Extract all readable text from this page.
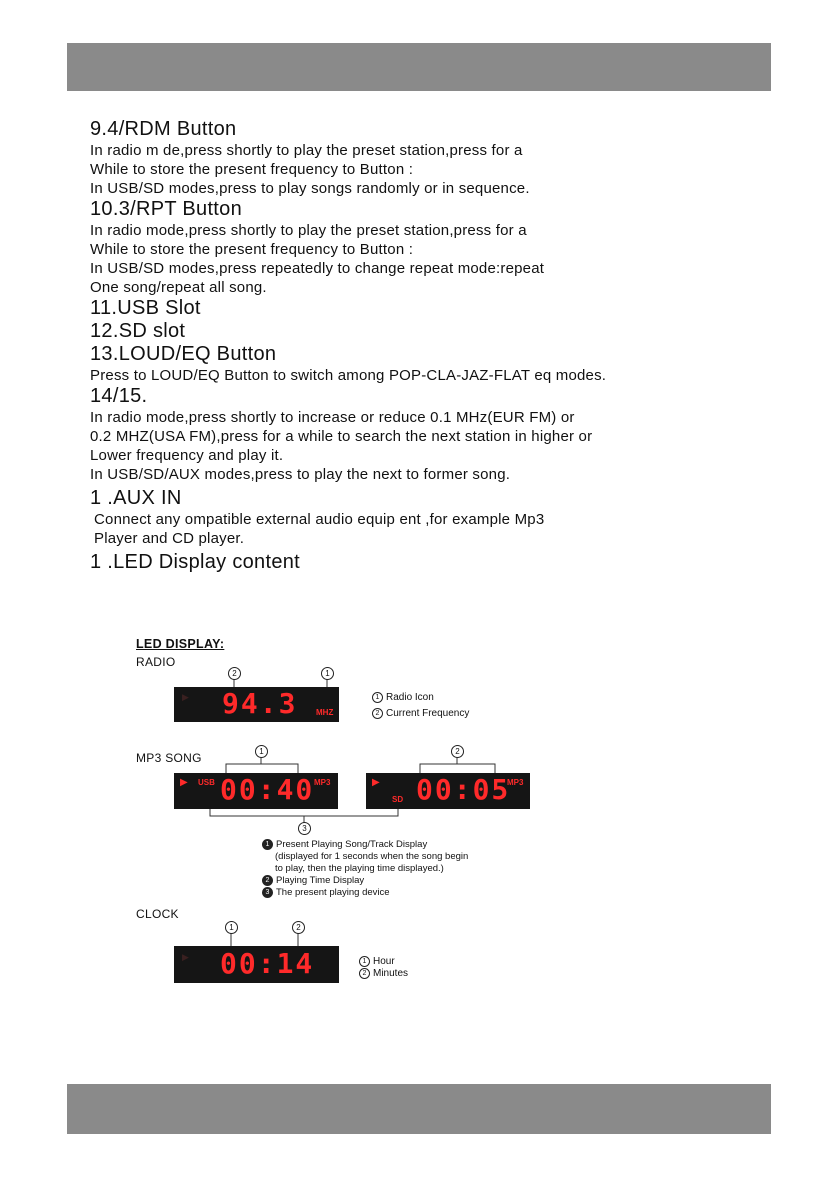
9.4/RDM Button

In radio m de,press shortly to play the preset station,press for a

While to store the present frequency to Button :

In USB/SD modes,press to play songs randomly or in sequence.

10.3/RPT Button

In radio mode,press shortly to play the preset station,press for a

While to store the present frequency to Button :

In USB/SD modes,press repeatedly to change repeat mode:repeat

One song/repeat all song.

11.USB Slot

12.SD slot

13.LOUD/EQ Button

Press to LOUD/EQ Button to switch among POP-CLA-JAZ-FLAT eq modes.

14/15.

In radio mode,press shortly to increase or reduce 0.1 MHz(EUR FM) or

0.2 MHZ(USA FM),press for a while to search the next station in higher or

Lower frequency and play it.

In USB/SD/AUX modes,press to play the next to former song.

1 .AUX IN

Connect any ompatible external audio equip ent ,for example Mp3

Player and CD player.

1 .LED Display content

LED DISPLAY:
RADIO
2	1
▶ 94.3 MHZ
1 Radio Icon
2 Current Frequency
MP3 SONG	1	2
▶ USB 00:40 MP3	▶
SD 00:05
MP3
3
1 Present Playing Song/Track Display
(displayed for 1 seconds when the song begin
to play, then the playing time displayed.)
2 Playing Time Display
3 The present playing device
CLOCK
1	2
▶ 00:14	1 Hour
2 Minutes
